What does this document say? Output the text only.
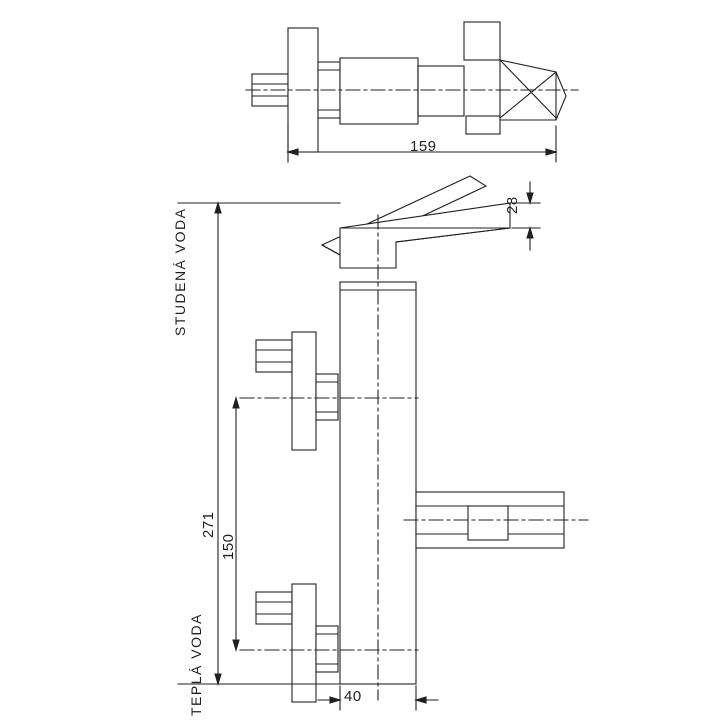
159
28
271
150
40
STUDENÁ VODA
TEPLÁ VODA
